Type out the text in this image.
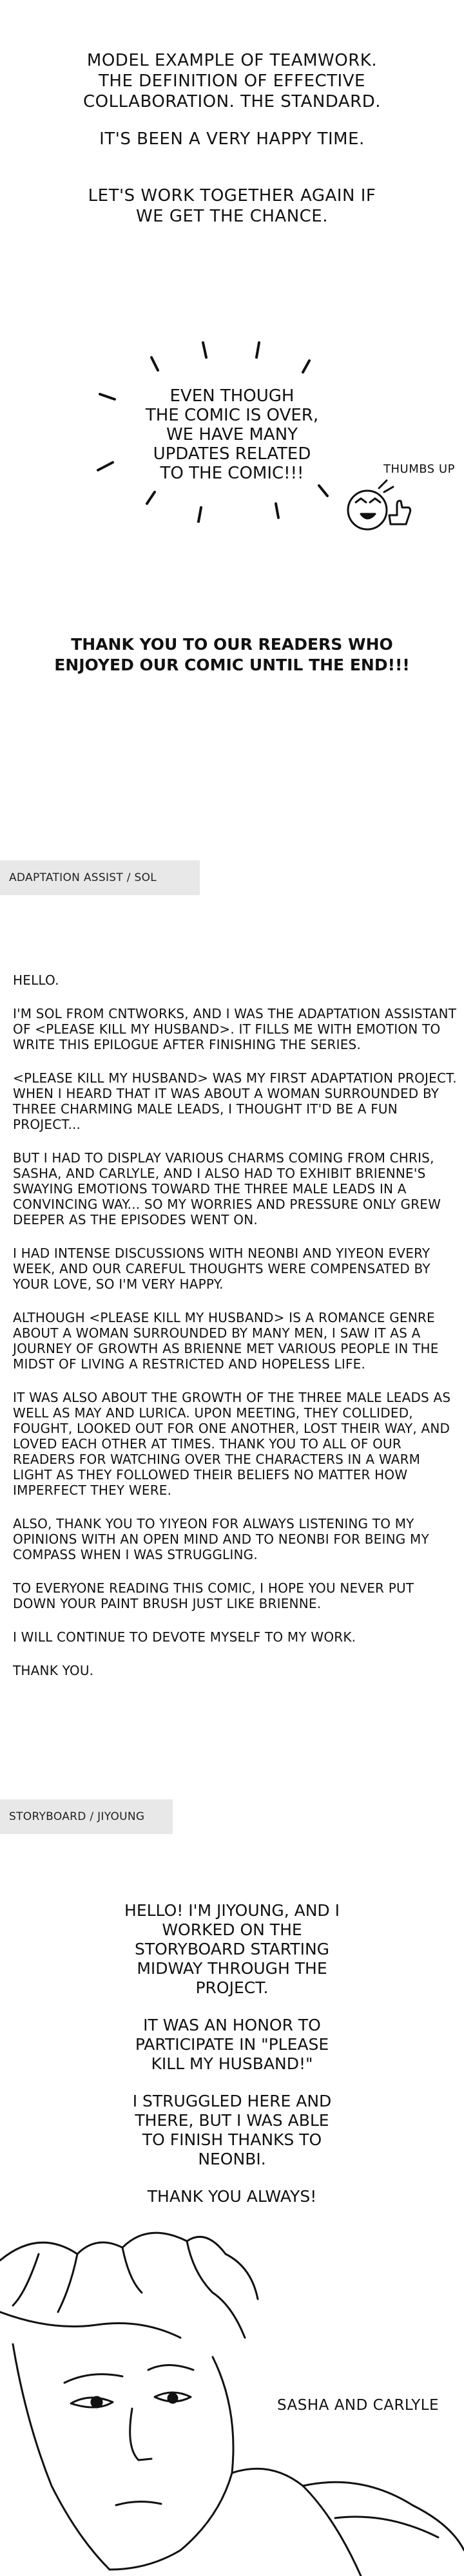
MODEL EXAMPLE OF TEAMWORK.

THE DEFINITION OF EFFECTIVE

COLLABORATION. THE STANDARD.

IT'S BEEN A VERY HAPPY TIME.

LET'S WORK TOGETHER AGAIN IF

WE GET THE CHANCE.

EVEN THOUGH

THE COMIC IS OVER,

WE HAVE MANY

UPDATES RELATED

TO THE COMIC!!!	THUMBS UP

THANK YOU TO OUR READERS WHO

ENJOYED OUR COMIC UNTIL THE END!!!

ADAPTATION ASSIST / SOL

HELLO.

I'M SOL FROM CNTWORKS, AND I WAS THE ADAPTATION ASSISTANT OF <PLEASE KILL MY HUSBAND>. IT FILLS ME WITH EMOTION TO WRITE THIS EPILOGUE AFTER FINISHING THE SERIES.

<PLEASE KILL MY HUSBAND> WAS MY FIRST ADAPTATION PROJECT. WHEN I HEARD THAT IT WAS ABOUT A WOMAN SURROUNDED BY THREE CHARMING MALE LEADS, I THOUGHT IT'D BE A FUN PROJECT...

BUT I HAD TO DISPLAY VARIOUS CHARMS COMING FROM CHRIS, SASHA, AND CARLYLE, AND I ALSO HAD TO EXHIBIT BRIENNE'S SWAYING EMOTIONS TOWARD THE THREE MALE LEADS IN A CONVINCING WAY... SO MY WORRIES AND PRESSURE ONLY GREW DEEPER AS THE EPISODES WENT ON.

I HAD INTENSE DISCUSSIONS WITH NEONBI AND YIYEON EVERY WEEK, AND OUR CAREFUL THOUGHTS WERE COMPENSATED BY YOUR LOVE, SO I'M VERY HAPPY.

ALTHOUGH <PLEASE KILL MY HUSBAND> IS A ROMANCE GENRE ABOUT A WOMAN SURROUNDED BY MANY MEN, I SAW IT AS A JOURNEY OF GROWTH AS BRIENNE MET VARIOUS PEOPLE IN THE MIDST OF LIVING A RESTRICTED AND HOPELESS LIFE.

IT WAS ALSO ABOUT THE GROWTH OF THE THREE MALE LEADS AS WELL AS MAY AND LURICA. UPON MEETING, THEY COLLIDED, FOUGHT, LOOKED OUT FOR ONE ANOTHER, LOST THEIR WAY, AND LOVED EACH OTHER AT TIMES. THANK YOU TO ALL OF OUR READERS FOR WATCHING OVER THE CHARACTERS IN A WARM LIGHT AS THEY FOLLOWED THEIR BELIEFS NO MATTER HOW IMPERFECT THEY WERE.

ALSO, THANK YOU TO YIYEON FOR ALWAYS LISTENING TO MY OPINIONS WITH AN OPEN MIND AND TO NEONBI FOR BEING MY COMPASS WHEN I WAS STRUGGLING.

TO EVERYONE READING THIS COMIC, I HOPE YOU NEVER PUT DOWN YOUR PAINT BRUSH JUST LIKE BRIENNE.

I WILL CONTINUE TO DEVOTE MYSELF TO MY WORK.

THANK YOU.

STORYBOARD / JIYOUNG

HELLO! I'M JIYOUNG, AND I WORKED ON THE STORYBOARD STARTING MIDWAY THROUGH THE PROJECT.

IT WAS AN HONOR TO PARTICIPATE IN "PLEASE KILL MY HUSBAND!"

I STRUGGLED HERE AND THERE, BUT I WAS ABLE TO FINISH THANKS TO NEONBI.

THANK YOU ALWAYS!

SASHA AND CARLYLE
